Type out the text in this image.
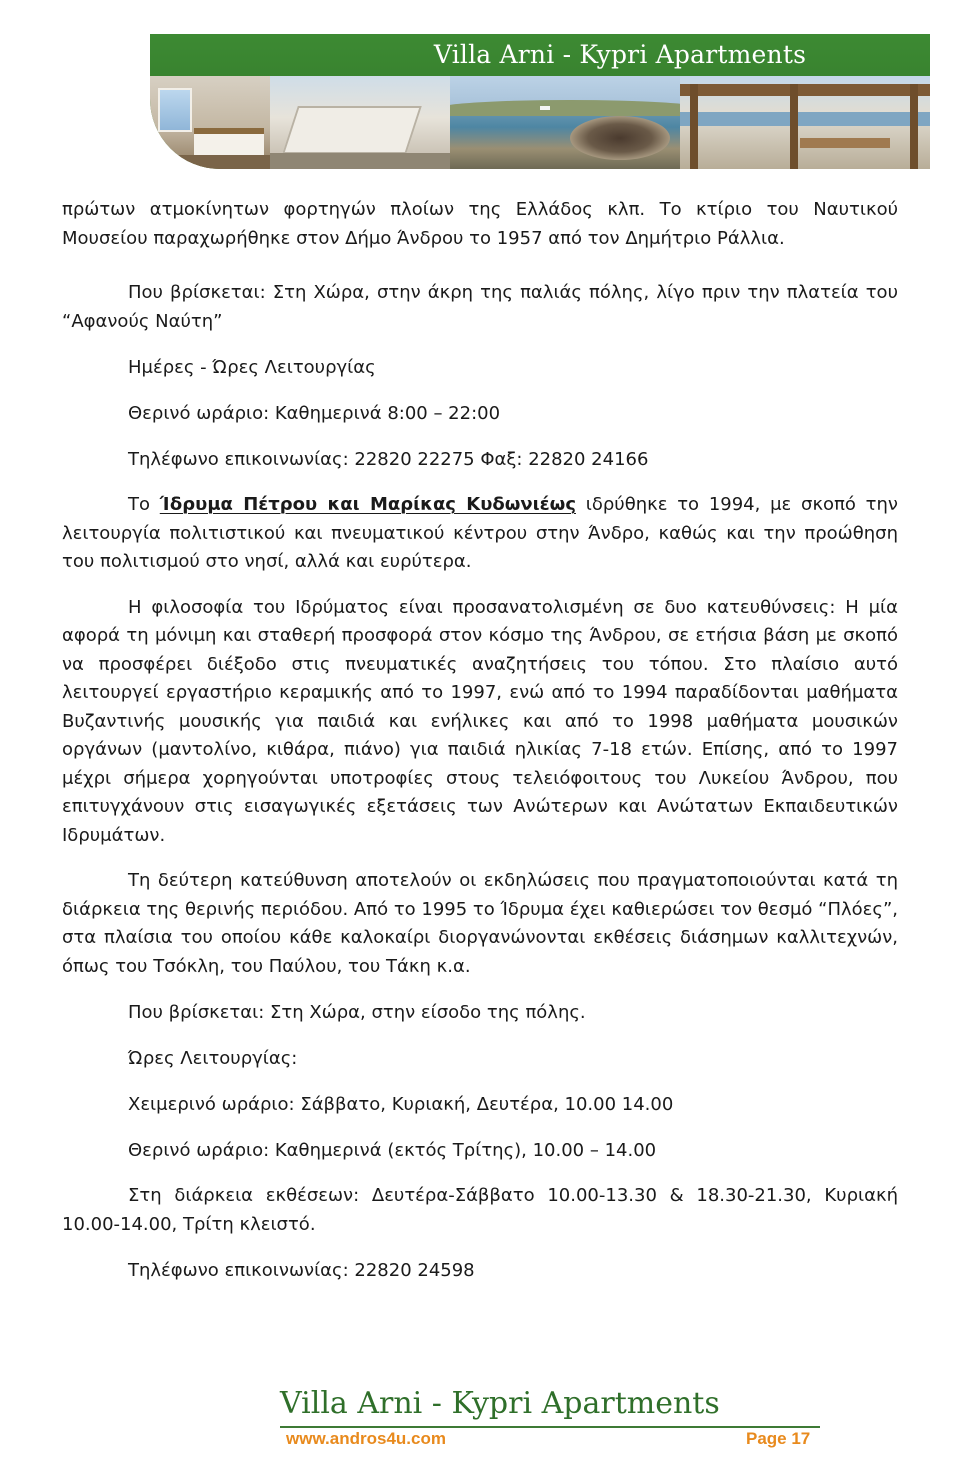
Villa Arni - Kypri Apartments

πρώτων ατμοκίνητων φορτηγών πλοίων της Ελλάδος κλπ. Το κτίριο του Ναυτικού Μουσείου παραχωρήθηκε στον Δήμο Άνδρου το 1957 από τον Δημήτριο Ράλλια.

Που βρίσκεται: Στη Χώρα, στην άκρη της παλιάς πόλης, λίγο πριν την πλατεία του “Αφανούς Ναύτη”

Ημέρες - Ώρες Λειτουργίας

Θερινό ωράριο: Καθημερινά 8:00 – 22:00

Τηλέφωνο επικοινωνίας: 22820 22275 Φαξ: 22820 24166

Το Ίδρυμα Πέτρου και Μαρίκας Κυδωνιέως ιδρύθηκε το 1994, με σκοπό την λειτουργία πολιτιστικού και πνευματικού κέντρου στην Άνδρο, καθώς και την προώθηση του πολιτισμού στο νησί, αλλά και ευρύτερα.

Η φιλοσοφία του Ιδρύματος είναι προσανατολισμένη σε δυο κατευθύνσεις: Η μία αφορά τη μόνιμη και σταθερή προσφορά στον κόσμο της Άνδρου, σε ετήσια βάση με σκοπό να προσφέρει διέξοδο στις πνευματικές αναζητήσεις του τόπου. Στο πλαίσιο αυτό λειτουργεί εργαστήριο κεραμικής από το 1997, ενώ από το 1994 παραδίδονται μαθήματα Βυζαντινής μουσικής για παιδιά και ενήλικες και από το 1998 μαθήματα μουσικών οργάνων (μαντολίνο, κιθάρα, πιάνο) για παιδιά ηλικίας 7-18 ετών. Επίσης, από το 1997 μέχρι σήμερα χορηγούνται υποτροφίες στους τελειόφοιτους του Λυκείου Άνδρου, που επιτυγχάνουν στις εισαγωγικές εξετάσεις των Ανώτερων και Ανώτατων Εκπαιδευτικών Ιδρυμάτων.

Τη δεύτερη κατεύθυνση αποτελούν οι εκδηλώσεις που πραγματοποιούνται κατά τη διάρκεια της θερινής περιόδου. Από το 1995 το Ίδρυμα έχει καθιερώσει τον θεσμό “Πλόες”, στα πλαίσια του οποίου κάθε καλοκαίρι διοργανώνονται εκθέσεις διάσημων καλλιτεχνών, όπως του Τσόκλη, του Παύλου, του Τάκη κ.α.

Που βρίσκεται: Στη Χώρα, στην είσοδο της πόλης.

Ώρες Λειτουργίας:

Χειμερινό ωράριο: Σάββατο, Κυριακή, Δευτέρα, 10.00 14.00

Θερινό ωράριο: Καθημερινά (εκτός Τρίτης), 10.00 – 14.00

Στη διάρκεια εκθέσεων: Δευτέρα-Σάββατο 10.00-13.30 & 18.30-21.30, Κυριακή 10.00-14.00, Τρίτη κλειστό.

Τηλέφωνο επικοινωνίας: 22820 24598

Villa Arni - Kypri Apartments
www.andros4u.com	Page 17
